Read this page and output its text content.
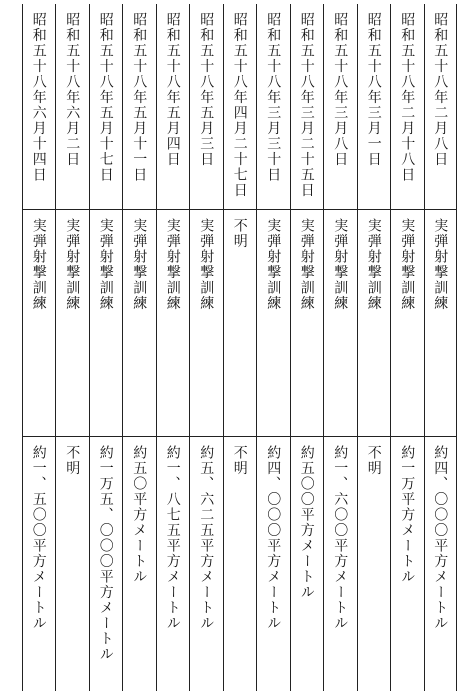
昭和五十八年二月八日
実弾射撃訓練
約四、〇〇〇平方メートル
昭和五十八年二月十八日
実弾射撃訓練
約一万平方メートル
昭和五十八年三月一日
実弾射撃訓練
不明
昭和五十八年三月八日
実弾射撃訓練
約一、六〇〇平方メートル
昭和五十八年三月二十五日
実弾射撃訓練
約五〇〇平方メートル
昭和五十八年三月三十日
実弾射撃訓練
約四、〇〇〇平方メートル
昭和五十八年四月二十七日
不明
不明
昭和五十八年五月三日
実弾射撃訓練
約五、六二五平方メートル
昭和五十八年五月四日
実弾射撃訓練
約一、八七五平方メートル
昭和五十八年五月十一日
実弾射撃訓練
約五〇平方メートル
昭和五十八年五月十七日
実弾射撃訓練
約一万五、〇〇〇平方メートル
昭和五十八年六月二日
実弾射撃訓練
不明
昭和五十八年六月十四日
実弾射撃訓練
約一、五〇〇平方メートル
